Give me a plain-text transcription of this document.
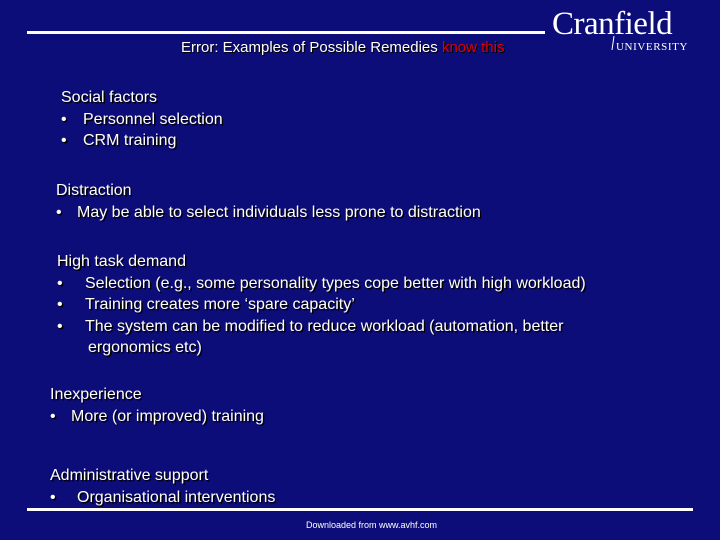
Cranfield
UNIVERSITY
Error: Examples of Possible Remedies know this
Social factors
•	Personnel selection
•	CRM training
Distraction
• May be able to select individuals less prone to distraction
High task demand
•	Selection (e.g., some personality types cope better with high workload)
•	Training creates more ‘spare capacity’
•	The system can be modified to reduce workload (automation, better
ergonomics etc)
Inexperience
• More (or improved) training
Administrative support
•	Organisational interventions
Downloaded from www.avhf.com
